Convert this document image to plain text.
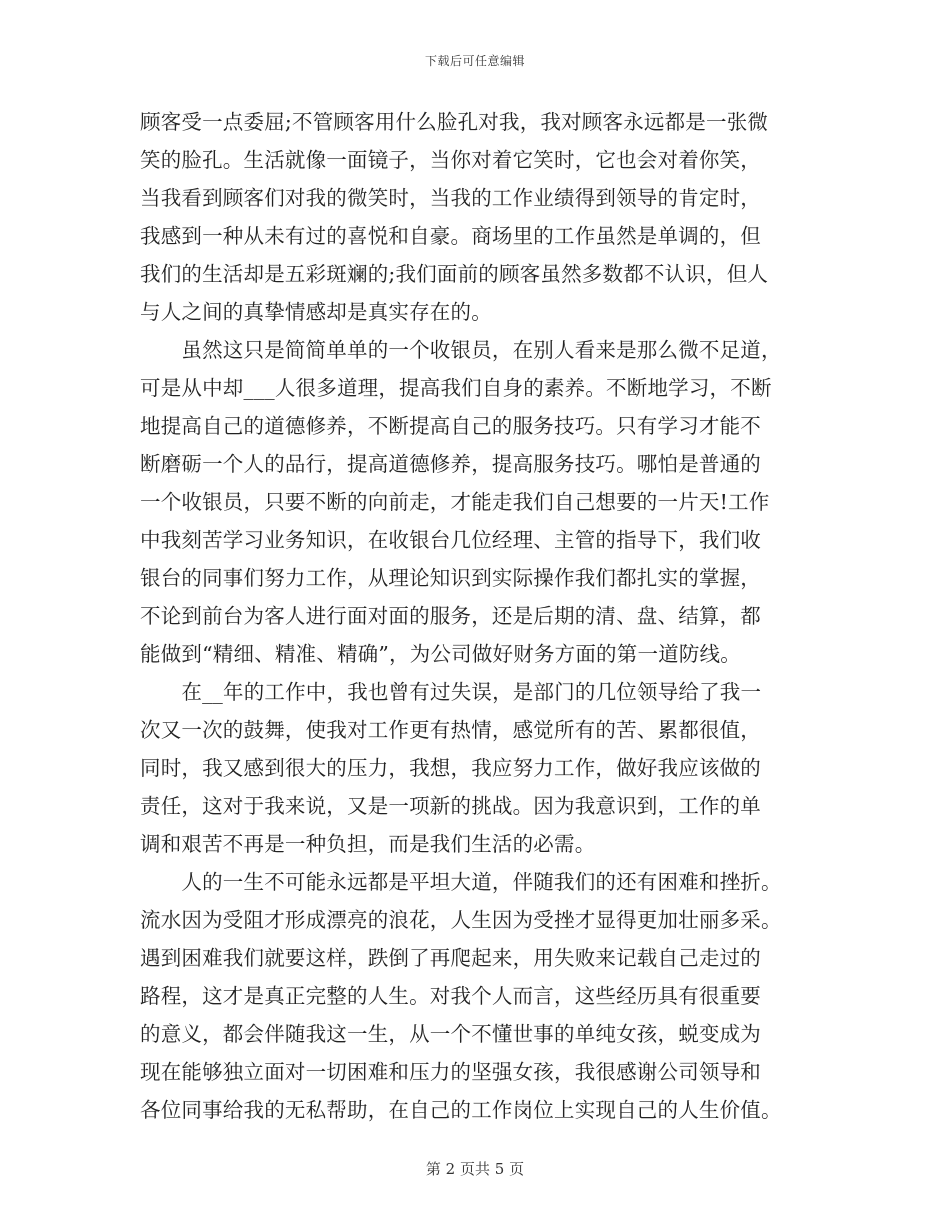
下载后可任意编辑
顾客受一点委屈;不管顾客用什么脸孔对我，我对顾客永远都是一张微
笑的脸孔。生活就像一面镜子，当你对着它笑时，它也会对着你笑，
当我看到顾客们对我的微笑时，当我的工作业绩得到领导的肯定时，
我感到一种从未有过的喜悦和自豪。商场里的工作虽然是单调的，但
我们的生活却是五彩斑斓的;我们面前的顾客虽然多数都不认识，但人
与人之间的真挚情感却是真实存在的。
　　虽然这只是简简单单的一个收银员，在别人看来是那么微不足道，
可是从中却___人很多道理，提高我们自身的素养。不断地学习，不断
地提高自己的道德修养，不断提高自己的服务技巧。只有学习才能不
断磨砺一个人的品行，提高道德修养，提高服务技巧。哪怕是普通的
一个收银员，只要不断的向前走，才能走我们自己想要的一片天!工作
中我刻苦学习业务知识，在收银台几位经理、主管的指导下，我们收
银台的同事们努力工作，从理论知识到实际操作我们都扎实的掌握，
不论到前台为客人进行面对面的服务，还是后期的清、盘、结算，都
能做到“精细、精准、精确”，为公司做好财务方面的第一道防线。
　　在__年的工作中，我也曾有过失误，是部门的几位领导给了我一
次又一次的鼓舞，使我对工作更有热情，感觉所有的苦、累都很值，
同时，我又感到很大的压力，我想，我应努力工作，做好我应该做的
责任，这对于我来说，又是一项新的挑战。因为我意识到，工作的单
调和艰苦不再是一种负担，而是我们生活的必需。
　　人的一生不可能永远都是平坦大道，伴随我们的还有困难和挫折。
流水因为受阻才形成漂亮的浪花，人生因为受挫才显得更加壮丽多采。
遇到困难我们就要这样，跌倒了再爬起来，用失败来记载自己走过的
路程，这才是真正完整的人生。对我个人而言，这些经历具有很重要
的意义，都会伴随我这一生，从一个不懂世事的单纯女孩，蜕变成为
现在能够独立面对一切困难和压力的坚强女孩，我很感谢公司领导和
各位同事给我的无私帮助，在自己的工作岗位上实现自己的人生价值。
第 2 页共 5 页
